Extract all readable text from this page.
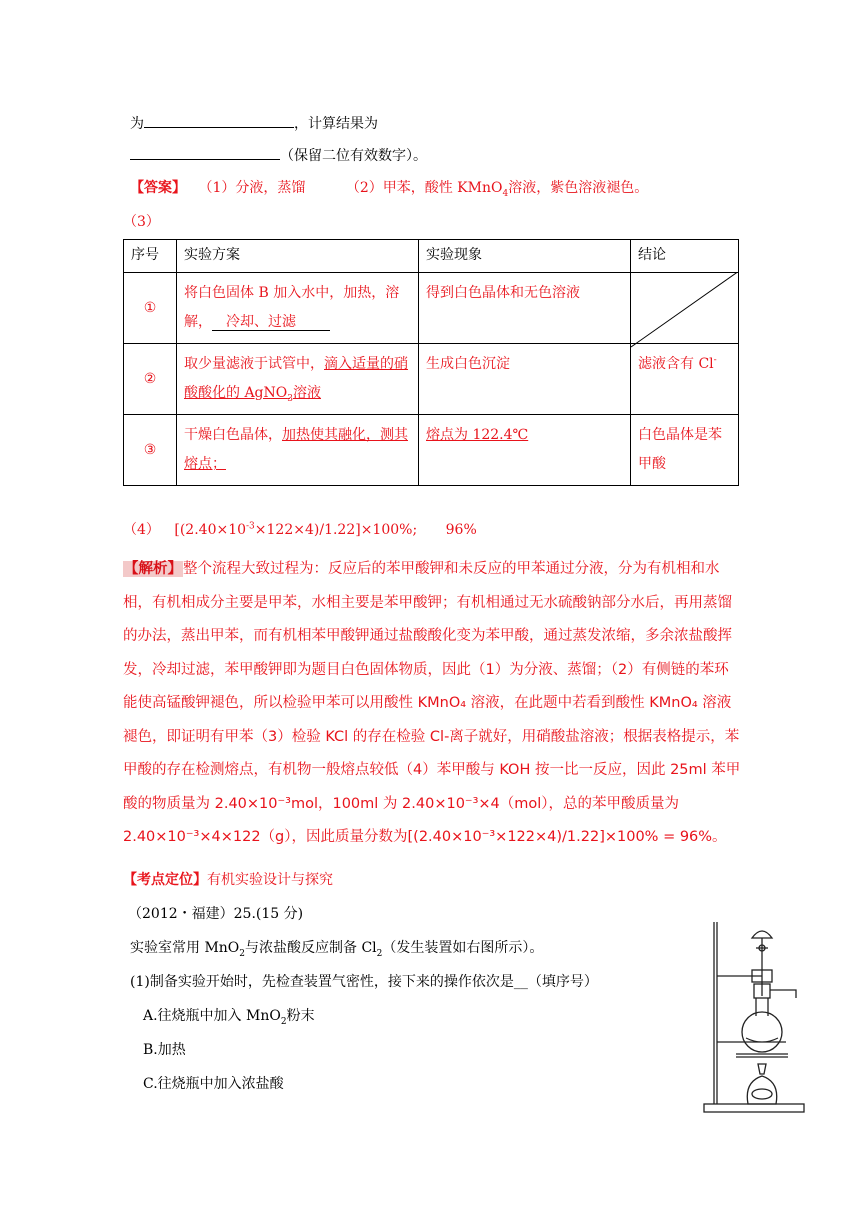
为	，计算结果为
（保留二位有效数字）。
【答案】 （1）分液，蒸馏	（2）甲苯，酸性 KMnO$_4$溶液，紫色溶液褪色。
（3）
序号	实验方案	实验现象	结论
①	将白色固体 B 加入水中，加热，溶解， 冷却、过滤	得到白色晶体和无色溶液	

②	取少量滤液于试管中，滴入适量的硝酸酸化的 AgNO$_3$溶液	生成白色沉淀	滤液含有 Cl-
③	干燥白色晶体，加热使其融化，测其熔点；	熔点为 122.4℃	白色晶体是苯甲酸
（4） $[(2.40\times 10^{-3}\times 122\times 4)/1.22]\times 100\%$; 96%
【解析】整个流程大致过程为：反应后的苯甲酸钾和未反应的甲苯通过分液，分为有机相和水相，有机相成分主要是甲苯，水相主要是苯甲酸钾；有机相通过无水硫酸钠部分水后，再用蒸馏的办法，蒸出甲苯，而有机相苯甲酸钾通过盐酸酸化变为苯甲酸，通过蒸发浓缩，多余浓盐酸挥发，冷却过滤，苯甲酸钾即为题目白色固体物质，因此（1）为分液、蒸馏；（2）有侧链的苯环能使高锰酸钾褪色，所以检验甲苯可以用酸性 KMnO₄ 溶液，在此题中若看到酸性 KMnO₄ 溶液褪色，即证明有甲苯（3）检验 KCl 的存在检验 Cl-离子就好，用硝酸盐溶液；根据表格提示，苯甲酸的存在检测熔点，有机物一般熔点较低（4）苯甲酸与 KOH 按一比一反应，因此 25ml 苯甲酸的物质量为 2.40×10⁻³mol，100ml 为 2.40×10⁻³×4（mol），总的苯甲酸质量为 2.40×10⁻³×4×122（g），因此质量分数为[(2.40×10⁻³×122×4)/1.22]×100% = 96%。
【考点定位】有机实验设计与探究
（2012・福建）25.(15 分)
实验室常用 MnO$_2$与浓盐酸反应制备 $Cl_2$（发生装置如右图所示）。
(1)制备实验开始时，先检查装置气密性，接下来的操作依次是__（填序号）
A.往烧瓶中加入 MnO$_2$粉末
B.加热
C.往烧瓶中加入浓盐酸
